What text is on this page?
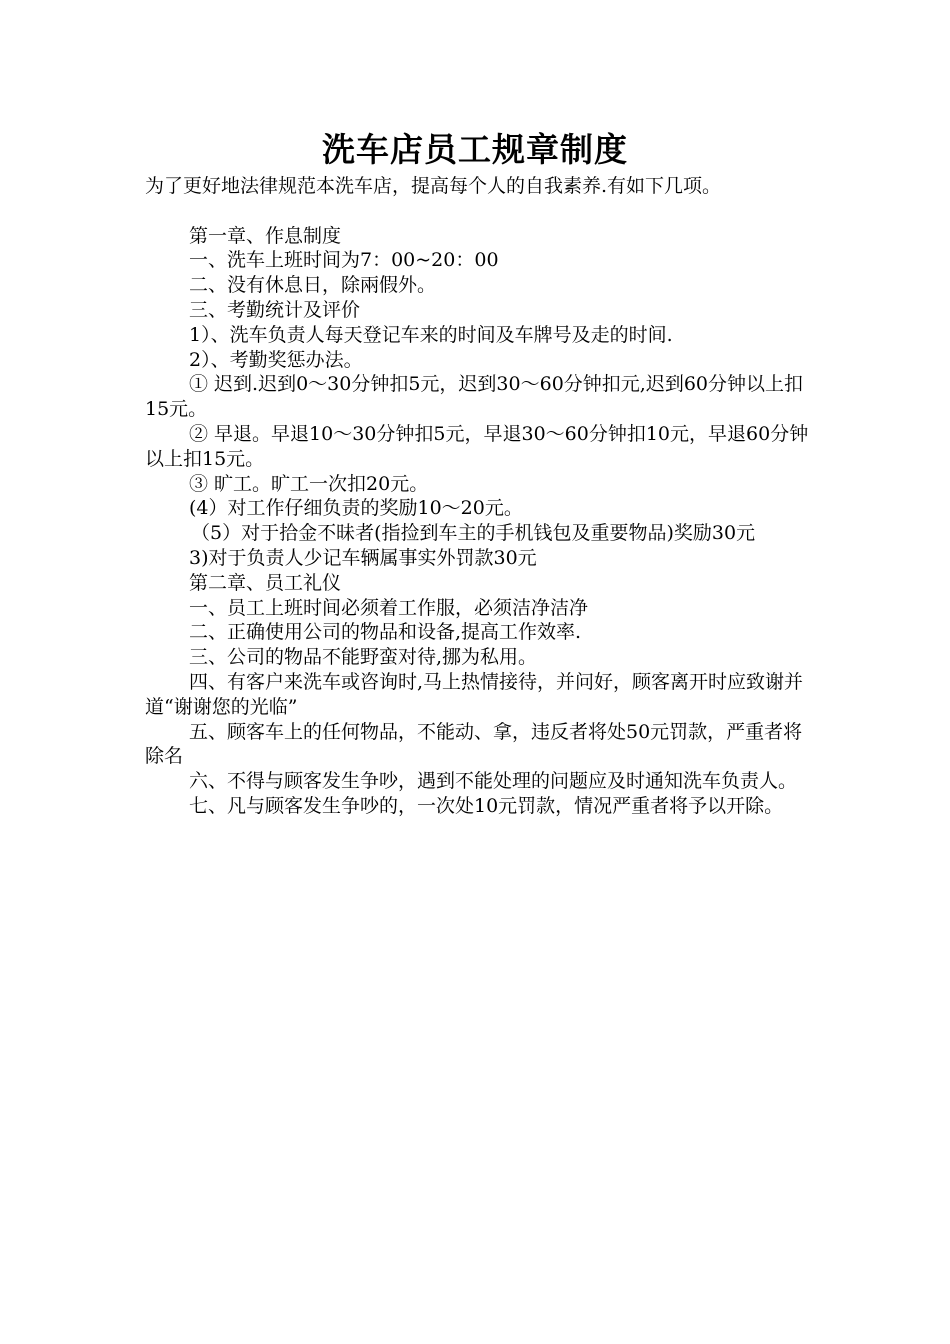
洗车店员工规章制度

为了更好地法律规范本洗车店，提高每个人的自我素养.有如下几项。

第一章、作息制度

一、洗车上班时间为7：00~20：00

二、没有休息日，除兩假外。

三、考勤统计及评价

1）、洗车负责人每天登记车来的时间及车牌号及走的时间.

2）、考勤奖惩办法。

① 迟到.迟到0～30分钟扣5元，迟到30～60分钟扣元,迟到60分钟以上扣15元。

② 早退。早退10～30分钟扣5元，早退30～60分钟扣10元，早退60分钟以上扣15元。

③ 旷工。旷工一次扣20元。

(4）对工作仔细负责的奖励10～20元。

（5）对于拾金不昧者(指捡到车主的手机钱包及重要物品)奖励30元

3)对于负责人少记车辆属事实外罚款30元

第二章、员工礼仪

一、员工上班时间必须着工作服，必须洁净洁净

二、正确使用公司的物品和设备,提高工作效率.

三、公司的物品不能野蛮对待,挪为私用。

四、有客户来洗车或咨询时,马上热情接待，并问好，顾客离开时应致谢并道“谢谢您的光临”

五、顾客车上的任何物品，不能动、拿，违反者将处50元罚款，严重者将除名

六、不得与顾客发生争吵，遇到不能处理的问题应及时通知洗车负责人。

七、凡与顾客发生争吵的，一次处10元罚款，情况严重者将予以开除。
